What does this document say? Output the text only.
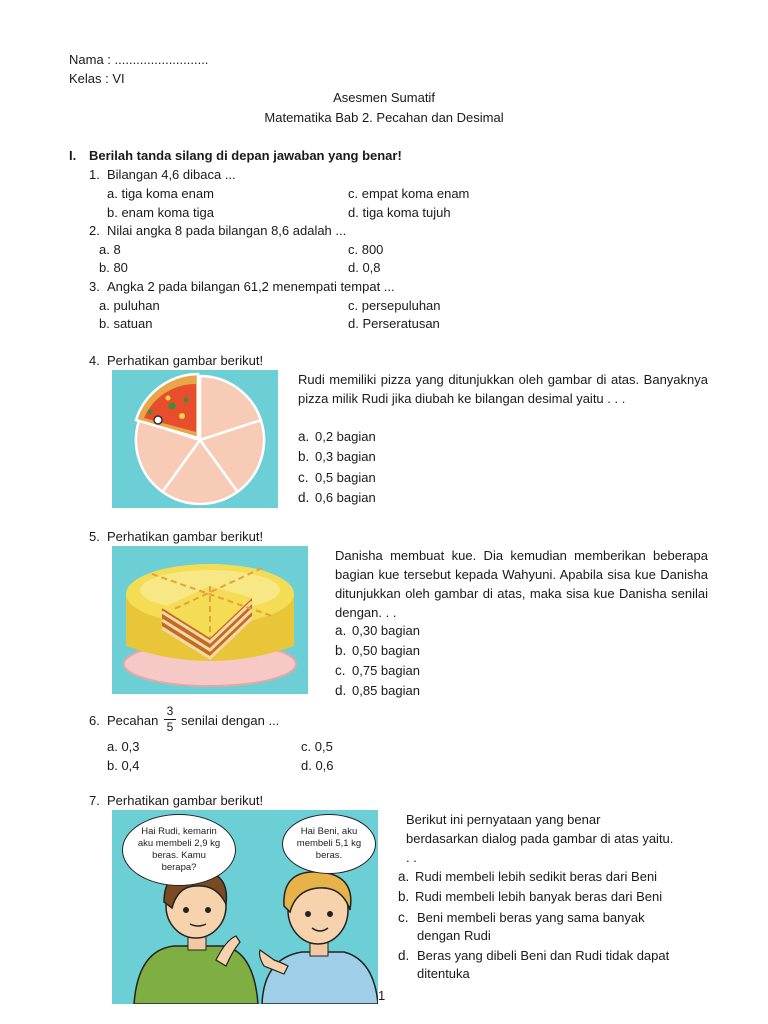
Nama : ..........................
Kelas : VI
Asesmen Sumatif
Matematika Bab 2. Pecahan dan Desimal
I. Berilah tanda silang di depan jawaban yang benar!
1. Bilangan 4,6 dibaca ...
a. tiga koma enam	c. empat koma enam
b. enam koma tiga	d. tiga koma tujuh
2. Nilai angka 8 pada bilangan 8,6 adalah ...
a. 8	c. 800
b. 80	d. 0,8
3. Angka 2 pada bilangan 61,2 menempati tempat ...
a. puluhan	c. persepuluhan
b. satuan	d. Perseratusan
4. Perhatikan gambar berikut!
Rudi memiliki pizza yang ditunjukkan oleh gambar di atas. Banyaknya pizza milik Rudi jika diubah ke bilangan desimal yaitu . . .
a. 0,2 bagian
b. 0,3 bagian
c. 0,5 bagian
d. 0,6 bagian
5. Perhatikan gambar berikut!
Danisha membuat kue. Dia kemudian memberikan beberapa bagian kue tersebut kepada Wahyuni. Apabila sisa kue Danisha ditunjukkan oleh gambar di atas, maka sisa kue Danisha senilai dengan. . .
a. 0,30 bagian
b. 0,50 bagian
c. 0,75 bagian
d. 0,85 bagian
6. Pecahan
3
5 senilai dengan ...
a. 0,3	c. 0,5
b. 0,4	d. 0,6
7. Perhatikan gambar berikut!
Hai Rudi, kemarin aku membeli 2,9 kg beras. Kamu berapa?
Hai Beni, aku membeli 5,1 kg beras.
Berikut ini pernyataan yang benar berdasarkan dialog pada gambar di atas yaitu. . .
a. Rudi membeli lebih sedikit beras dari Beni
b. Rudi membeli lebih banyak beras dari Beni
c. Beni membeli beras yang sama banyak dengan Rudi
d. Beras yang dibeli Beni dan Rudi tidak dapat ditentuka
1
